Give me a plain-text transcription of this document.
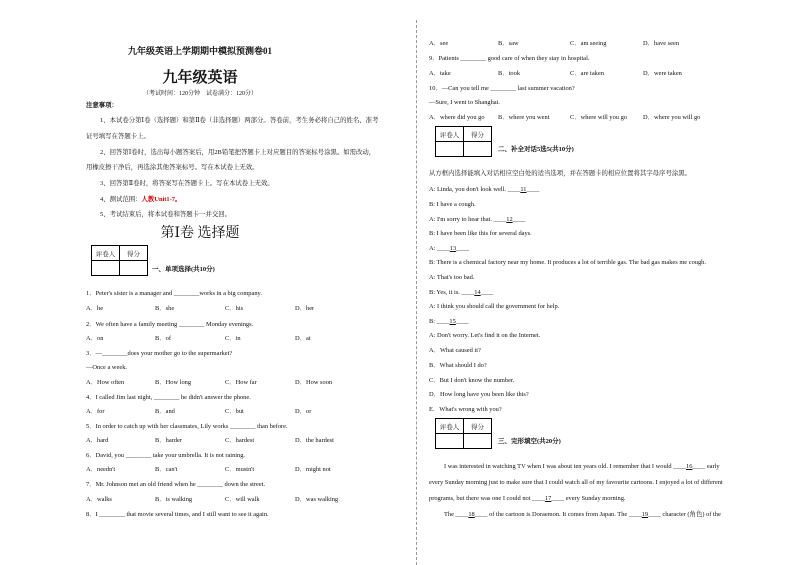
九年级英语上学期期中模拟预测卷01
九年级英语
（考试时间：120分钟　试卷满分：120分）
注意事项：
1、本试卷分第Ⅰ卷（选择题）和第Ⅱ卷（非选择题）两部分。答卷前，考生务必将自己的姓名、准考
证号填写在答题卡上。
2、回答第Ⅰ卷时，选出每小题答案后，用2B铅笔把答题卡上对应题目的答案标号涂黑。如需改动，
用橡皮擦干净后，再选涂其他答案标号。写在本试卷上无效。
3、回答第Ⅱ卷时，将答案写在答题卡上。写在本试卷上无效。
4、测试范围：人教Unit1-7。
5、考试结束后，将本试卷和答题卡一并交回。
第Ⅰ卷 选择题
评卷人	得分

一、单项选择(共10分)
1．Peter's sister is a manager and ________works in a big company.
A．he	B．she	C．his	D．her
2．We often have a family meeting ________ Monday evenings.
A．on	B．of	C．in	D．at
3．—________does your mother go to the supermarket?
—Once a week.
A．How often	B．How long	C．How far	D．How soon
4．I called Jim last night, ________ he didn't answer the phone.
A．for	B．and	C．but	D．or
5．In order to catch up with her classmates, Lily works ________ than before.
A．hard	B．harder	C．hardest	D．the hardest
6．David, you ________ take your umbrella. It is not raining.
A．needn't	B．can't	C．mustn't	D．might not
7．Mr. Johnson met an old friend when he ________ down the street.
A．walks	B．is walking	C．will walk	D．was walking
8．I ________ that movie several times, and I still want to see it again.
A．see	B．saw	C．am seeing	D．have seen
9．Patients ________ good care of when they stay in hospital.
A．take	B．took	C．are taken	D．were taken
10．—Can you tell me ________ last summer vacation?
—Sure, I went to Shanghai.
A．where did you go B．where you went	C．where will you go	D．where you will go
评卷人	得分

二、补全对话5选5(共10分)
从方框内选择能填入对话相应空白处的适当选项，并在答题卡的相应位置将其字母序号涂黑。
A: Linda, you don't look well. ____11____
B: I have a cough.
A: I'm sorry to hear that. ____12____
B: I have been like this for several days.
A: ____13____
B: There is a chemical factory near my home. It produces a lot of terrible gas. The bad gas makes me cough.
A: That's too bad.
B: Yes, it is. ____14____
A: I think you should call the government for help.
B: ____15____
A: Don't worry. Let's find it on the Internet.
A．What caused it?
B．What should I do?
C．But I don't know the number.
D．How long have you been like this?
E．What's wrong with you?
评卷人	得分

三、完形填空(共20分)
I was interested in watching TV when I was about ten years old. I remember that I would ____16____ early
every Sunday morning just to make sure that I could watch all of my favourite cartoons. I enjoyed a lot of different
programs, but there was one I could not ____17____ every Sunday morning.
The ____18____ of the cartoon is Doraemon. It comes from Japan. The ____19____ character (角色) of the
